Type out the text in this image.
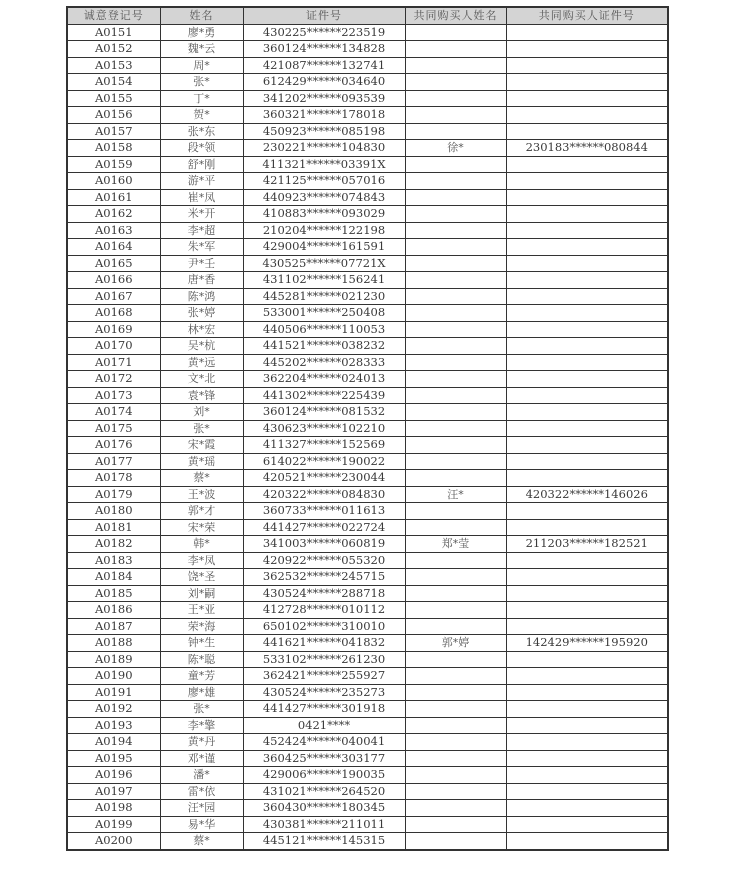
诚意登记号	姓名	证件号	共同购买人姓名	共同购买人证件号
A0151	廖*勇	430225******223519		
A0152	魏*云	360124******134828		
A0153	周*	421087******132741		
A0154	张*	612429******034640		
A0155	丁*	341202******093539		
A0156	贺*	360321******178018		
A0157	张*东	450923******085198		
A0158	段*领	230221******104830	徐*	230183******080844
A0159	舒*刚	411321******03391X		
A0160	游*平	421125******057016		
A0161	崔*凤	440923******074843		
A0162	米*开	410883******093029		
A0163	李*超	210204******122198		
A0164	朱*军	429004******161591		
A0165	尹*壬	430525******07721X		
A0166	唐*香	431102******156241		
A0167	陈*鸿	445281******021230		
A0168	张*婷	533001******250408		
A0169	林*宏	440506******110053		
A0170	吴*杭	441521******038232		
A0171	黄*远	445202******028333		
A0172	文*北	362204******024013		
A0173	袁*锋	441302******225439		
A0174	刘*	360124******081532		
A0175	张*	430623******102210		
A0176	宋*霞	411327******152569		
A0177	黄*瑶	614022******190022		
A0178	蔡*	420521******230044		
A0179	王*波	420322******084830	汪*	420322******146026
A0180	郭*才	360733******011613		
A0181	宋*荣	441427******022724		
A0182	韩*	341003******060819	郑*莹	211203******182521
A0183	李*凤	420922******055320		
A0184	饶*圣	362532******245715		
A0185	刘*嗣	430524******288718		
A0186	王*亚	412728******010112		
A0187	荣*海	650102******310010		
A0188	钟*生	441621******041832	郭*婷	142429******195920
A0189	陈*聪	533102******261230		
A0190	童*芳	362421******255927		
A0191	廖*雄	430524******235273		
A0192	张*	441427******301918		
A0193	李*擎	0421****		
A0194	黄*丹	452424******040041		
A0195	邓*谨	360425******303177		
A0196	潘*	429006******190035		
A0197	雷*依	431021******264520		
A0198	汪*园	360430******180345		
A0199	易*华	430381******211011		
A0200	蔡*	445121******145315		
